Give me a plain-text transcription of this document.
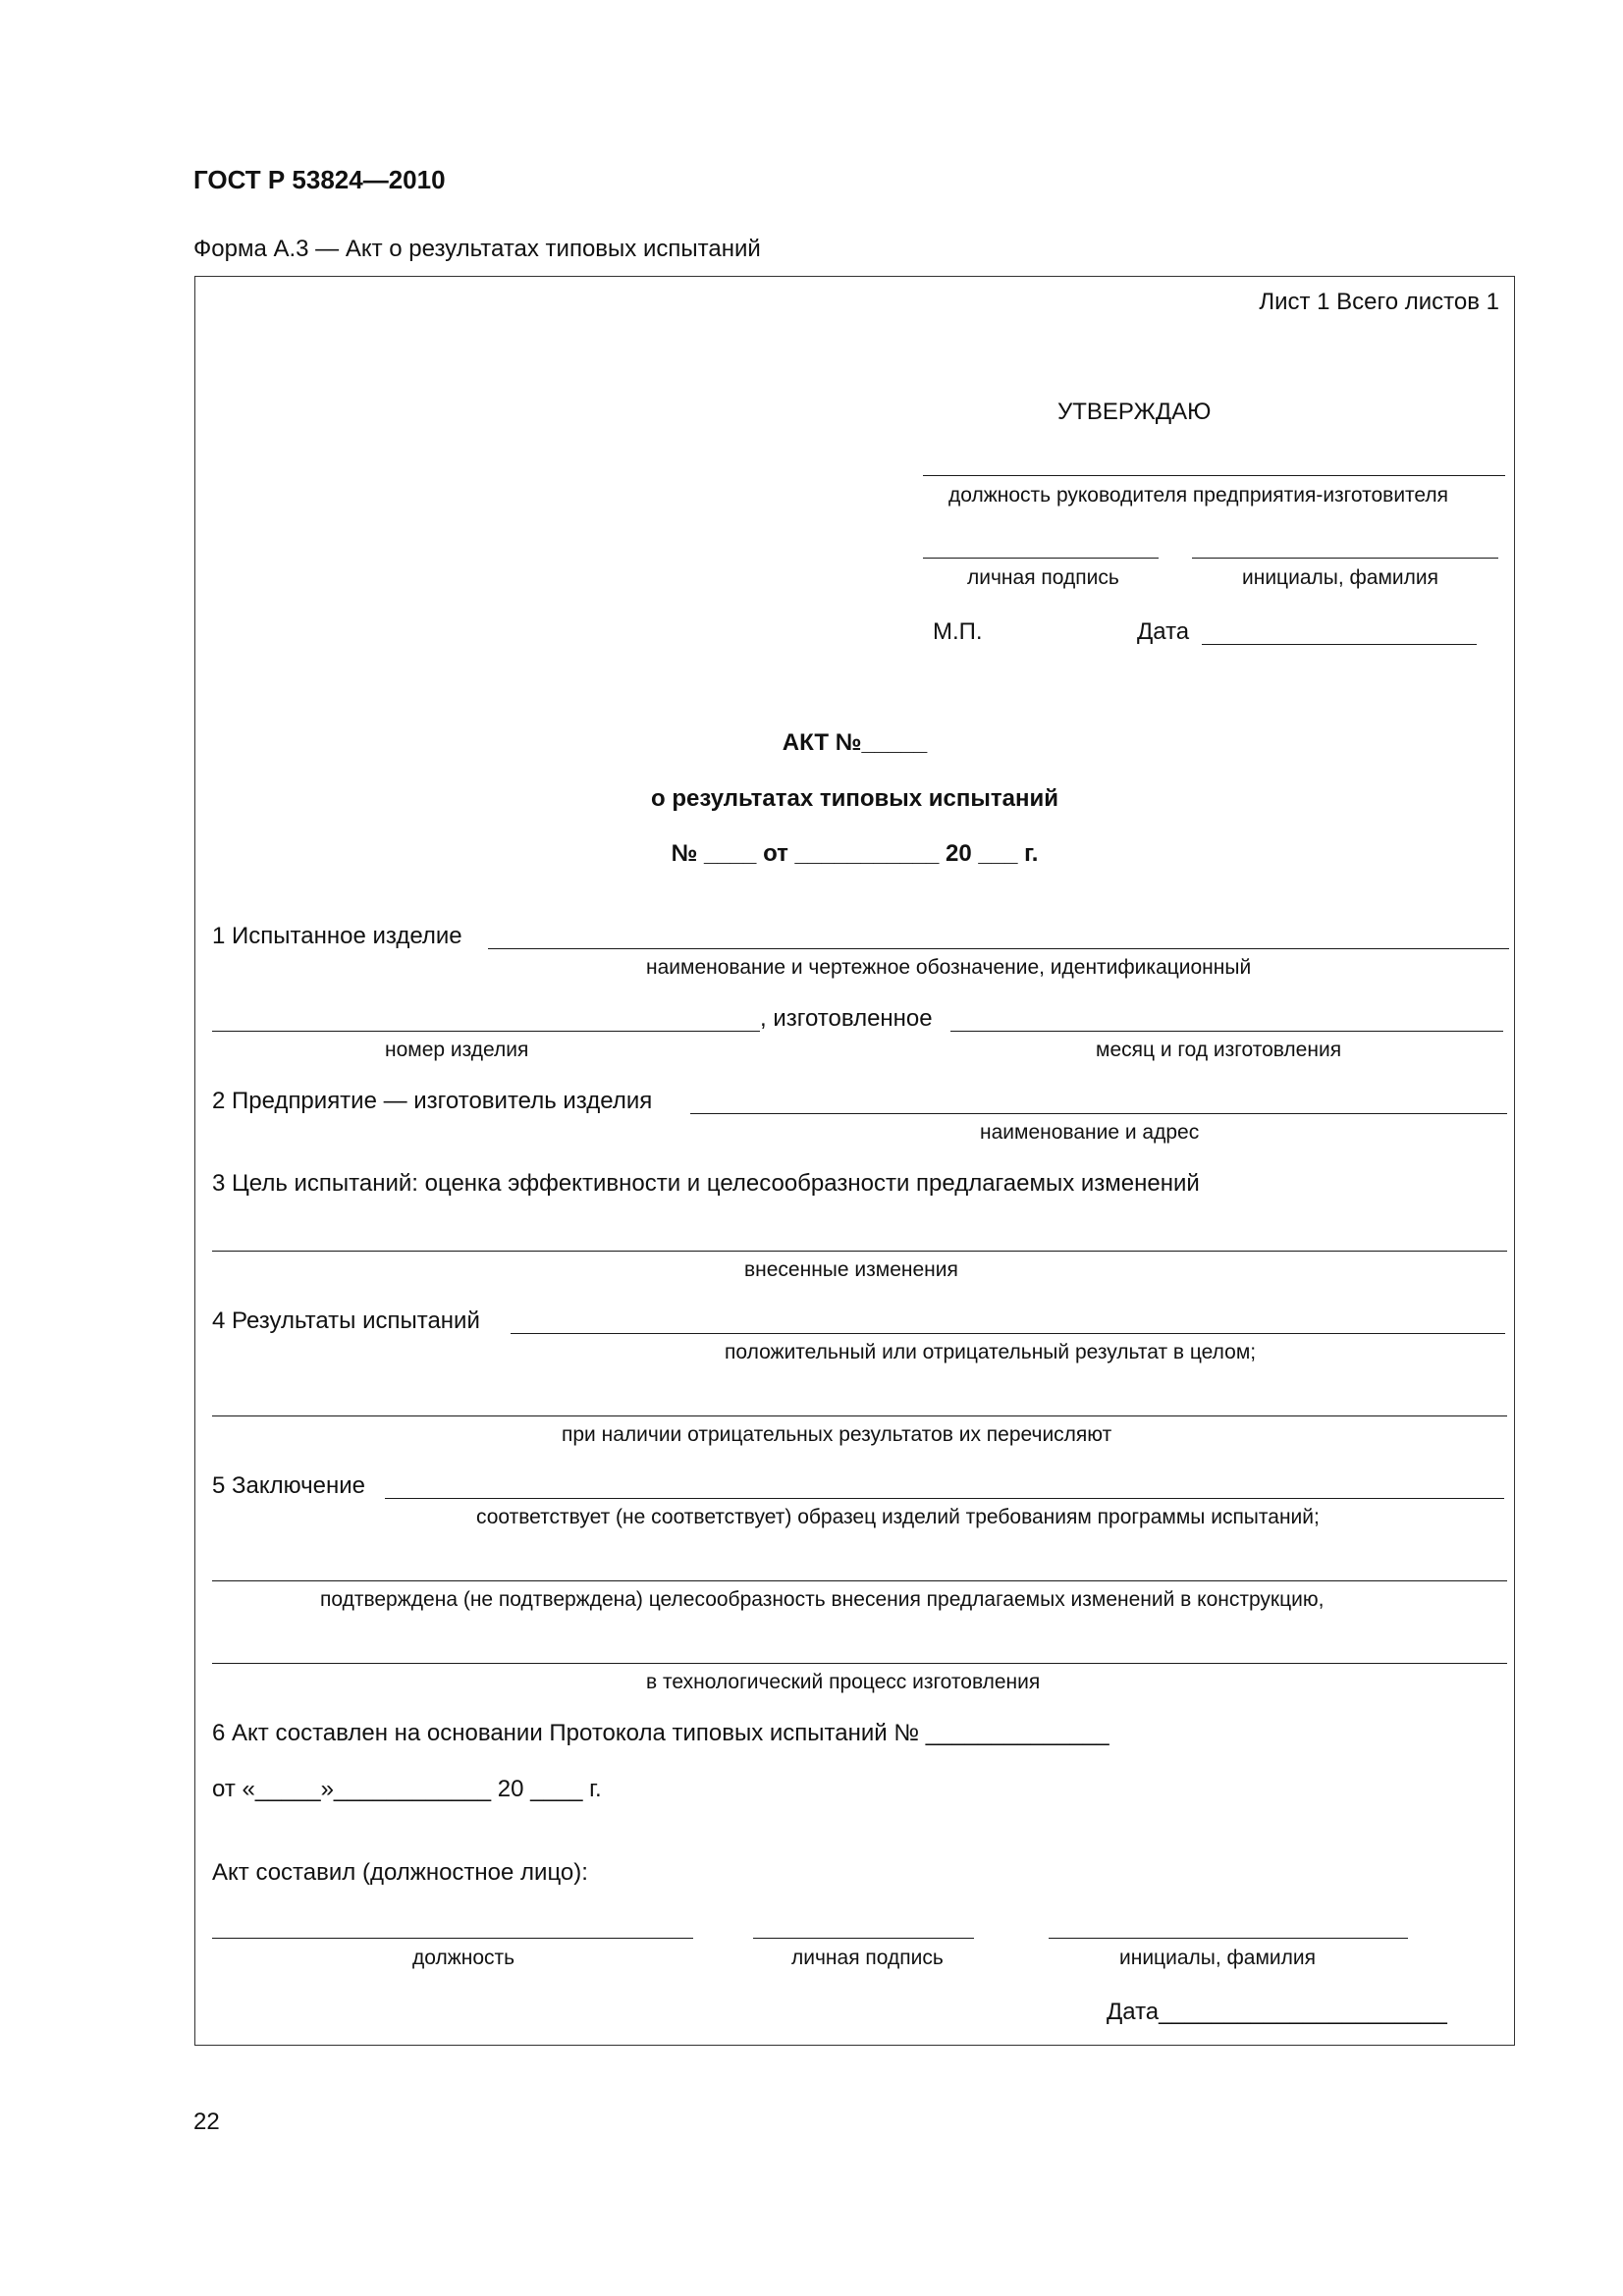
ГОСТ Р 53824—2010
Форма А.3 — Акт о результатах типовых испытаний
Лист 1 Всего листов 1
УТВЕРЖДАЮ
должность руководителя предприятия-изготовителя
личная подпись	инициалы, фамилия
М.П.	Дата
АКТ №_____
о результатах типовых испытаний
№ ____ от ___________ 20 ___ г.
1 Испытанное изделие
наименование и чертежное обозначение, идентификационный
, изготовленное
номер изделия	месяц и год изготовления
2 Предприятие — изготовитель изделия
наименование и адрес
3 Цель испытаний: оценка эффективности и целесообразности предлагаемых изменений
внесенные изменения
4 Результаты испытаний
положительный или отрицательный результат в целом;
при наличии отрицательных результатов их перечисляют
5 Заключение
соответствует (не соответствует) образец изделий требованиям программы испытаний;
подтверждена (не подтверждена) целесообразность внесения предлагаемых изменений в конструкцию,
в технологический процесс изготовления
6 Акт составлен на основании Протокола типовых испытаний № ______________
от «_____»____________ 20 ____ г.
Акт составил (должностное лицо):
должность	личная подпись	инициалы, фамилия
Дата______________________
22
